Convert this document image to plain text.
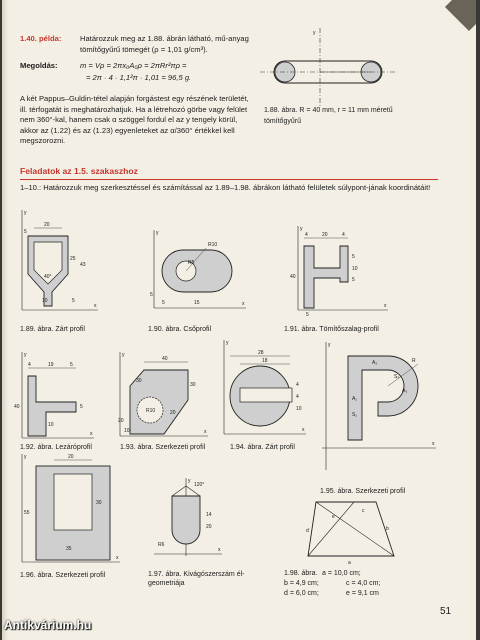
1.40. példa: Határozzuk meg az 1.88. ábrán látható, mű-anyag tömítőgyűrű tömegét (ρ = 1,01 g/cm³).

Megoldás:	m = Vρ = 2πx₀A₀ρ = 2πRr²πρ =
= 2π · 4 · 1,1²π · 1,01 = 96,5 g.

A két Pappus–Guldin-tétel alapján forgástest egy részének területét, ill. térfogatát is meghatározhatjuk. Ha a létrehozó görbe vagy felület nem 360°-kal, hanem csak α szöggel fordul el az y tengely körül, akkor az (1.22) és az (1.23) egyenleteket az α/360° értékkel kell megszorozni.

y

1.88. ábra. R = 40 mm, r = 11 mm méretű tömítőgyűrű

Feladatok az 1.5. szakaszhoz

1–10.: Határozzuk meg szerkesztéssel és számítással az 1.89–1.98. ábrákon látható felületek súlypont-jának koordinátáit!

x
y
20
5
25
43
10	5
40°
1.89. ábra. Zárt profil
x
y
R10
R5
5	15
5
1.90. ábra. Csőprofil
x
y
4	20	4
5
10
5
40
5
1.91. ábra. Tömítőszalag-profil
x
y
4	19	5
5
40
10
1.92. ábra. Lezáróprofil
x
y
40
30
20
10
30
20
R10
1.93. ábra. Szerkezeti profil
x
y
28
18
4
4
10
1.94. ábra. Zárt profil	x
y
R
A₁
A₂
A₃
S₁
S₃
1.95. ábra. Szerkezeti profil
x
y	20
55
30
35
1.96. ábra. Szerkezeti profil
x
y
120°
14
20
R6

1.97. ábra. Kivágószerszám él-geometriája

a
b
c
d
e
1.98. ábra. a = 10,0 cm;
b = 4,9 cm;	c = 4,0 cm;
d = 6,0 cm;	e = 9,1 cm
51
Antikvárium.hu
